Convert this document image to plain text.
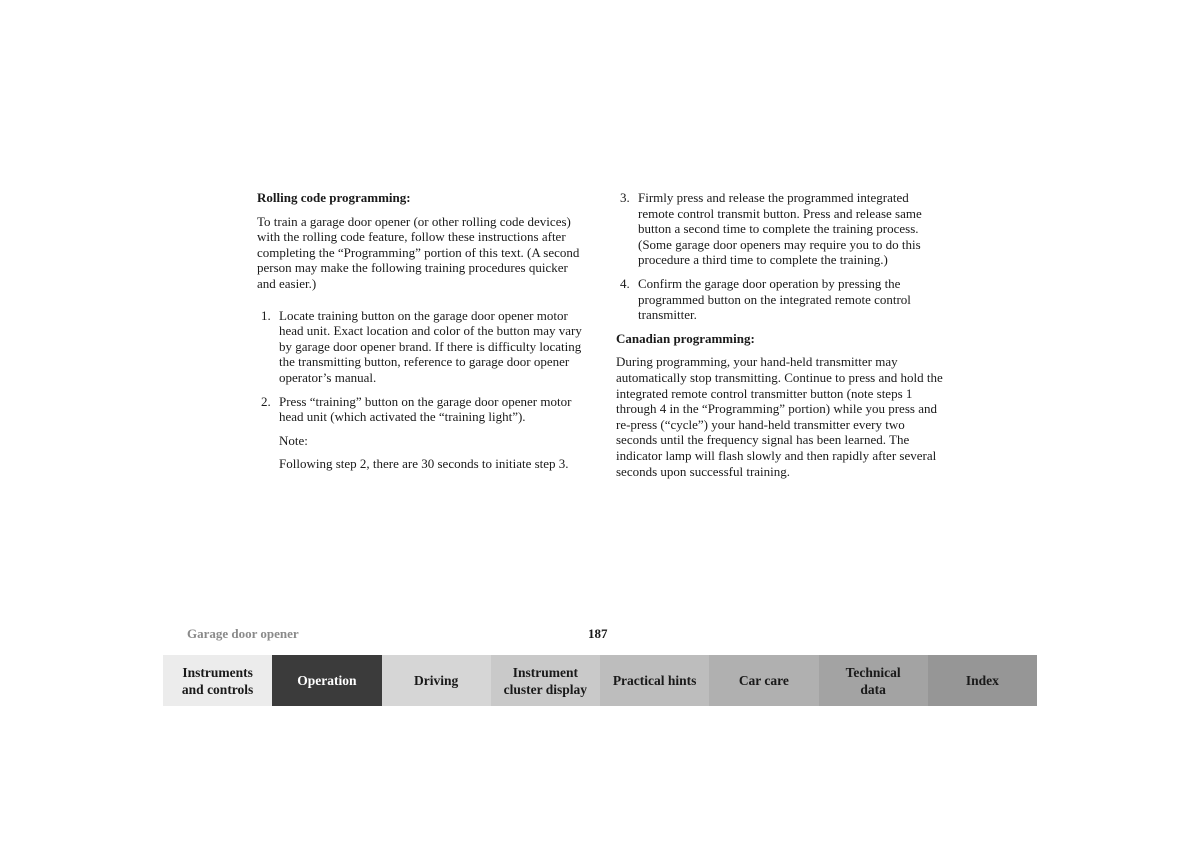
Rolling code programming:

To train a garage door opener (or other rolling code devices) with the rolling code feature, follow these instructions after completing the “Programming” portion of this text. (A second person may make the following training procedures quicker and easier.)

1. Locate training button on the garage door opener motor head unit. Exact location and color of the button may vary by garage door opener brand. If there is difficulty locating the transmitting button, reference to garage door opener operator’s manual.
2. Press “training” button on the garage door opener motor head unit (which activated the “training light”).

Note:

Following step 2, there are 30 seconds to initiate step 3.

3. Firmly press and release the programmed integrated remote control transmit button. Press and release same button a second time to complete the training process. (Some garage door openers may require you to do this procedure a third time to complete the training.)
4. Confirm the garage door operation by pressing the programmed button on the integrated remote control transmitter.
Canadian programming:

During programming, your hand-held transmitter may automatically stop transmitting. Continue to press and hold the integrated remote control transmitter button (note steps 1 through 4 in the “Programming” portion) while you press and re-press (“cycle”) your hand-held transmitter every two seconds until the frequency signal has been learned. The indicator lamp will flash slowly and then rapidly after several seconds upon successful training.

Garage door opener	187
Instruments
and controls
Operation	Driving
Instrument
cluster display
Practical hints	Car care
Technical
data
Index
